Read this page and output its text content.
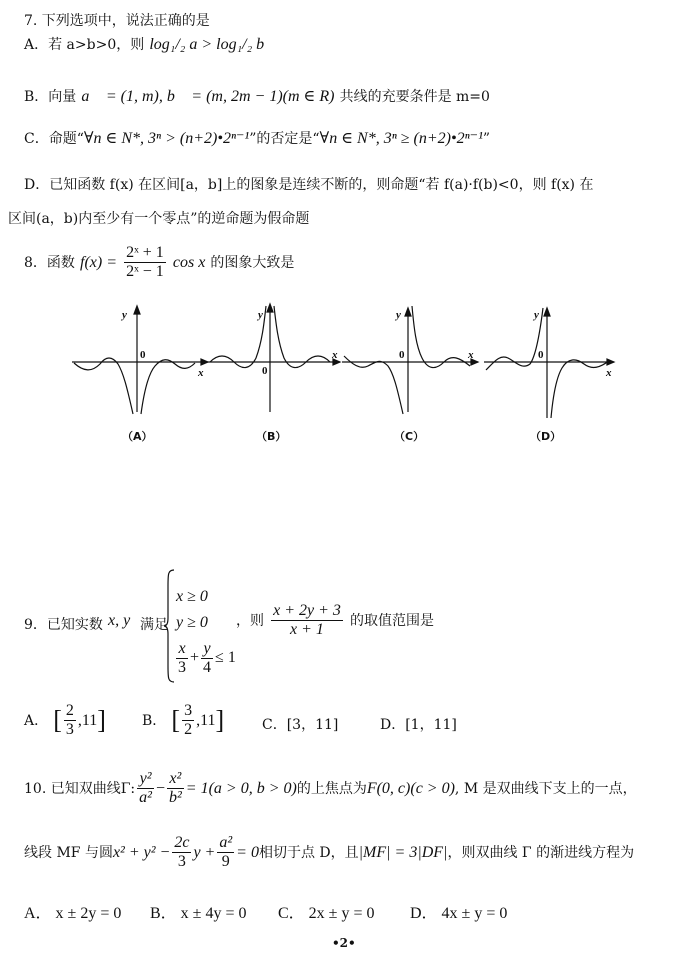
7. 下列选项中，说法正确的是
A．若 a>b>0，则 log₁/₂ a > log₁/₂ b
B．向量 a⃗ = (1, m), b⃗ = (m, 2m − 1)(m ∈ R) 共线的充要条件是 m=0
C．命题“∀n ∈ N*, 3ⁿ > (n+2)•2ⁿ⁻¹”的否定是“∀n ∈ N*, 3ⁿ ≥ (n+2)•2ⁿ⁻¹”
D．已知函数 f(x) 在区间[a，b]上的图象是连续不断的，则命题“若 f(a)·f(b)<0，则 f(x) 在
区间(a，b)内至少有一个零点”的逆命题为假命题
8．函数 $f(x) = \frac{\text{2ˣ + 1}}{\text{2ˣ − 1}}$ cos x 的图象大致是
y
0
x
y
0
x
y
0	x
y
0
x
（A）	（B）	（C）	（D）
9．已知实数 x, y 满足
x ≥ 0
y ≥ 0
$\frac{x}{3} + \frac{y}{4} \le 1$
，则 $\frac{x + 2y + 3}{x + 1}$ 的取值范围是
A． [ $\frac{2}{3} ,11$]	B． [ $\frac{3}{2} ,11$]	C．[3，11]	D．[1，11]
10. 已知双曲线Γ: $\frac{\text{y²}}{\text{a²}} - \frac{\text{x²}}{\text{b²}} = 1(a > 0$, b > 0)的上焦点为F(0, c)(c > 0), M 是双曲线下支上的一点，
线段 MF 与圆$x^2 + y^2 - \frac{2c}{3}$ $y + \frac{\text{a²}}{9} = 0$相切于点 D，且|MF| = 3|DF|，则双曲线 Γ 的渐进线方程为
A． x ± 2y = 0 B． x ± 4y = 0 C． 2x ± y = 0 D． 4x ± y = 0
•2•
